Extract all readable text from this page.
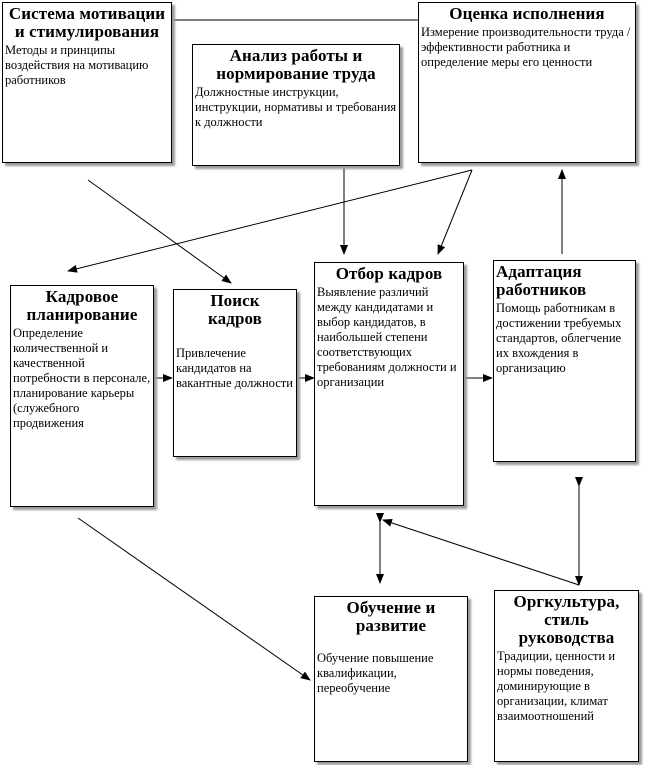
Система мотивации и стимулирования
Методы и принципы воздействия на мотивацию работников
Анализ работы и нормирование труда
Должностные инструкции, инструкции, нормативы и требования к должности
Оценка исполнения
Измерение производительности труда / эффективности работника и определение меры его ценности
Кадровое планирование
Определение количественной и качественной потребности в персонале, планирование карьеры (служебного продвижения
Поиск кадров
Привлечение кандидатов на вакантные должности
Отбор кадров
Выявление различий между кандидатами и выбор кандидатов, в наибольшей степени соответствующих требованиям должности и организации
Адаптация работников
Помощь работникам в достижении требуемых стандартов, облегчение их вхождения в организацию
Обучение и развитие
Обучение повышение квалификации, переобучение
Оргкультура, стиль руководства
Традиции, ценности и нормы поведения, доминирующие в организации, климат взаимоотношений
